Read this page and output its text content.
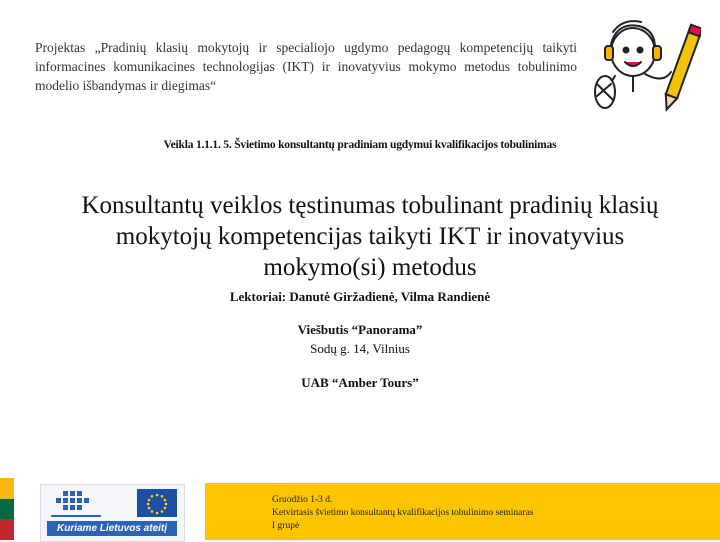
Projektas „Pradinių klasių mokytojų ir specialiojo ugdymo pedagogų kompetencijų taikyti informacines komunikacines technologijas (IKT) ir inovatyvius mokymo metodus tobulinimo modelio išbandymas ir diegimas“
Veikla 1.1.1. 5. Švietimo konsultantų pradiniam ugdymui kvalifikacijos tobulinimas
Konsultantų veiklos tęstinumas tobulinant pradinių klasių mokytojų kompetencijas taikyti IKT ir inovatyvius mokymo(si) metodus
Lektoriai: Danutė Giržadienė, Vilma Randienė
Viešbutis “Panorama”
Sodų g. 14, Vilnius
UAB “Amber Tours”
Kuriame Lietuvos ateitį
Gruodžio 1-3 d.
Ketvirtasis švietimo konsultantų kvalifikacijos tobulinimo seminaras
I grupė
